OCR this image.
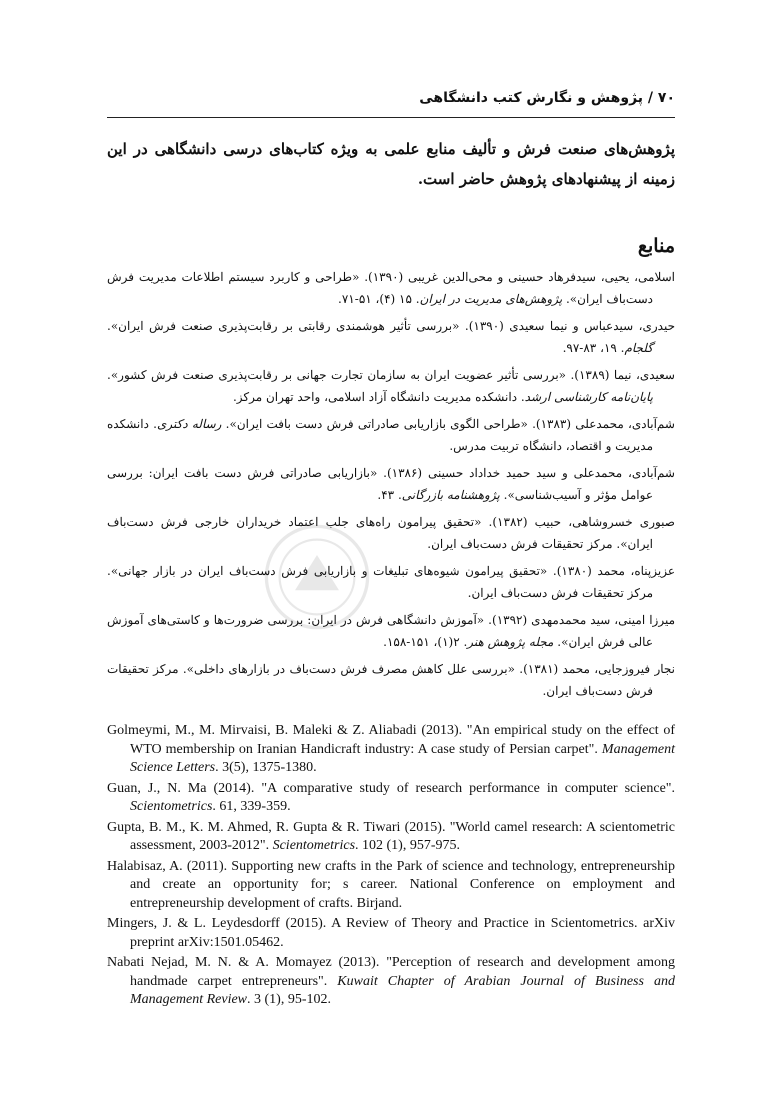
۷۰ / پژوهش و نگارش کتب دانشگاهی
پژوهش‌های صنعت فرش و تألیف منابع علمی به ویژه کتاب‌های درسی دانشگاهی در این زمینه از پیشنهادهای پژوهش حاضر است.
منابع

اسلامی، یحیی، سیدفرهاد حسینی و محی‌الدین غریبی (۱۳۹۰). «طراحی و کاربرد سیستم اطلاعات مدیریت فرش دست‌باف ایران». پژوهش‌های مدیریت در ایران. ۱۵ (۴)، ۵۱-۷۱.

حیدری، سیدعباس و نیما سعیدی (۱۳۹۰). «بررسی تأثیر هوشمندی رقابتی بر رقابت‌پذیری صنعت فرش ایران». گلجام. ۱۹، ۸۳-۹۷.

سعیدی، نیما (۱۳۸۹). «بررسی تأثیر عضویت ایران به سازمان تجارت جهانی بر رقابت‌پذیری صنعت فرش کشور». پایان‌نامه کارشناسی ارشد. دانشکده مدیریت دانشگاه آزاد اسلامی، واحد تهران مرکز.

شم‌آبادی، محمدعلی (۱۳۸۳). «طراحی الگوی بازاریابی صادراتی فرش دست بافت ایران». رساله دکتری. دانشکده مدیریت و اقتصاد، دانشگاه تربیت مدرس.

شم‌آبادی، محمدعلی و سید حمید خداداد حسینی (۱۳۸۶). «بازاریابی صادراتی فرش دست بافت ایران: بررسی عوامل مؤثر و آسیب‌شناسی». پژوهشنامه بازرگانی. ۴۳.

صبوری خسروشاهی، حبیب (۱۳۸۲). «تحقیق پیرامون راه‌های جلب اعتماد خریداران خارجی فرش دست‌باف ایران». مرکز تحقیقات فرش دست‌باف ایران.

عزیزپناه، محمد (۱۳۸۰). «تحقیق پیرامون شیوه‌های تبلیغات و بازاریابی فرش دست‌باف ایران در بازار جهانی». مرکز تحقیقات فرش دست‌باف ایران.

میرزا امینی، سید محمدمهدی (۱۳۹۲). «آموزش دانشگاهی فرش در ایران: بررسی ضرورت‌ها و کاستی‌های آموزش عالی فرش ایران». مجله پژوهش هنر. ۲(۱)، ۱۵۱-۱۵۸.

نجار فیروزجایی، محمد (۱۳۸۱). «بررسی علل کاهش مصرف فرش دست‌باف در بازارهای داخلی». مرکز تحقیقات فرش دست‌باف ایران.

Golmeymi, M., M. Mirvaisi, B. Maleki & Z. Aliabadi (2013). "An empirical study on the effect of WTO membership on Iranian Handicraft industry: A case study of Persian carpet". Management Science Letters. 3(5), 1375-1380.

Guan, J., N. Ma (2014). "A comparative study of research performance in computer science". Scientometrics. 61, 339-359.

Gupta, B. M., K. M. Ahmed, R. Gupta & R. Tiwari (2015). "World camel research: A scientometric assessment, 2003-2012". Scientometrics. 102 (1), 957-975.

Halabisaz, A. (2011). Supporting new crafts in the Park of science and technology, entrepreneurship and create an opportunity for; s career. National Conference on employment and entrepreneurship development of crafts. Birjand.

Mingers, J. & L. Leydesdorff (2015). A Review of Theory and Practice in Scientometrics. arXiv preprint arXiv:1501.05462.

Nabati Nejad, M. N. & A. Momayez (2013). "Perception of research and development among handmade carpet entrepreneurs". Kuwait Chapter of Arabian Journal of Business and Management Review. 3 (1), 95-102.
